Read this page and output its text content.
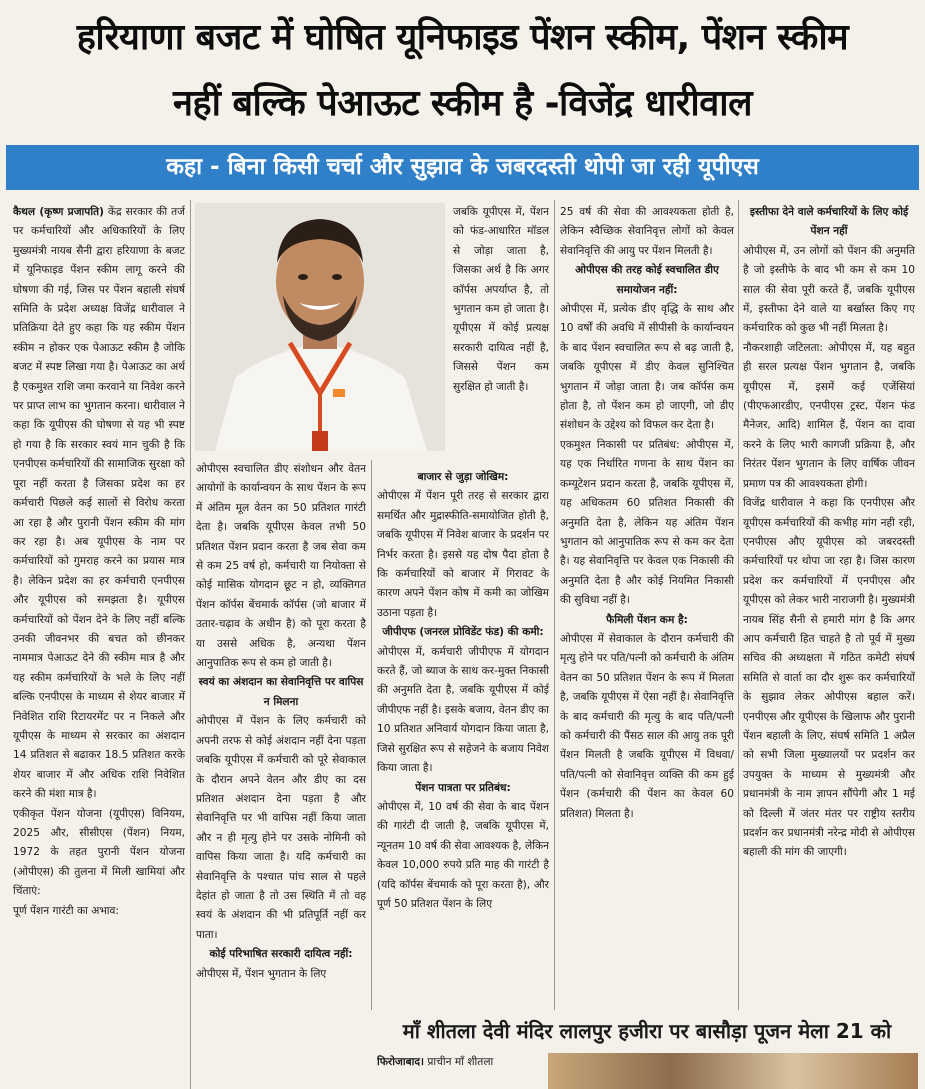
हरियाणा बजट में घोषित यूनिफाइड पेंशन स्कीम, पेंशन स्कीम
नहीं बल्कि पेआऊट स्कीम है -विजेंद्र धारीवाल
कहा - बिना किसी चर्चा और सुझाव के जबरदस्ती थोपी जा रही यूपीएस

कैथल (कृष्ण प्रजापति) केंद्र सरकार की तर्ज पर कर्मचारियों और अधिकारियों के लिए मुख्यमंत्री नायब सैनी द्वारा हरियाणा के बजट में यूनिफाइड पेंशन स्कीम लागू करने की घोषणा की गई, जिस पर पेंशन बहाली संघर्ष समिति के प्रदेश अध्यक्ष विजेंद्र धारीवाल ने प्रतिक्रिया देते हुए कहा कि यह स्कीम पेंशन स्कीम न होकर एक पेआऊट स्कीम है जोकि बजट में स्पष्ट लिखा गया है। पेआऊट का अर्थ है एकमुश्त राशि जमा करवाने या निवेश करने पर प्राप्त लाभ का भुगतान करना। धारीवाल ने कहा कि यूपीएस की घोषणा से यह भी स्पष्ट हो गया है कि सरकार स्वयं मान चुकी है कि एनपीएस कर्मचारियों की सामाजिक सुरक्षा को पूरा नहीं करता है जिसका प्रदेश का हर कर्मचारी पिछले कई सालों से विरोध करता आ रहा है और पुरानी पेंशन स्कीम की मांग कर रहा है। अब यूपीएस के नाम पर कर्मचारियों को गुमराह करने का प्रयास मात्र है। लेकिन प्रदेश का हर कर्मचारी एनपीएस और यूपीएस को समझता है। यूपीएस कर्मचारियों को पेंशन देने के लिए नहीं बल्कि उनकी जीवनभर की बचत को छीनकर नाममात्र पेआऊट देने की स्कीम मात्र है और यह स्कीम कर्मचारियों के भले के लिए नहीं बल्कि एनपीएस के माध्यम से शेयर बाजार में निवेशित राशि रिटायरमेंट पर न निकले और यूपीएस के माध्यम से सरकार का अंशदान 14 प्रतिशत से बढाकर 18.5 प्रतिशत करके शेयर बाजार में और अधिक राशि निवेशित करने की मंशा मात्र है।

एकीकृत पेंशन योजना (यूपीएस) विनियम, 2025 और, सीसीएस (पेंशन) नियम, 1972 के तहत पुरानी पेंशन योजना (ओपीएस) की तुलना में मिली खामियां और चिंताएं:

पूर्ण पेंशन गारंटी का अभाव:

ओपीएस स्वचालित डीए संशोधन और वेतन आयोगों के कार्यान्वयन के साथ पेंशन के रूप में अंतिम मूल वेतन का 50 प्रतिशत गारंटी देता है। जबकि यूपीएस केवल तभी 50 प्रतिशत पेंशन प्रदान करता है जब सेवा कम से कम 25 वर्ष हो, कर्मचारी या नियोक्ता से कोई मासिक योगदान छूट न हो, व्यक्तिगत पेंशन कॉर्पस बेंचमार्क कॉर्पस (जो बाजार में उतार-चढ़ाव के अधीन है) को पूरा करता है या उससे अधिक है, अन्यथा पेंशन आनुपातिक रूप से कम हो जाती है।

स्वयं का अंशदान का सेवानिवृत्ति पर वापिस न मिलना

ओपीएस में पेंशन के लिए कर्मचारी को अपनी तरफ से कोई अंशदान नहीं देना पड़ता जबकि यूपीएस में कर्मचारी को पूरे सेवाकाल के दौरान अपने वेतन और डीए का दस प्रतिशत अंशदान देना पड़ता है और सेवानिवृत्ति पर भी वापिस नहीं किया जाता और न ही मृत्यु होने पर उसके नोमिनी को वापिस किया जाता है। यदि कर्मचारी का सेवानिवृत्ति के पश्चात पांच साल से पहले देहांत हो जाता है तो उस स्थिति में तो वह स्वयं के अंशदान की भी प्रतिपूर्ति नहीं कर पाता।

कोई परिभाषित सरकारी दायित्व नहीं:

ओपीएस में, पेंशन भुगतान के लिए

जबकि यूपीएस में, पेंशन को फंड-आधारित मॉडल से जोड़ा जाता है, जिसका अर्थ है कि अगर कॉर्पस अपर्याप्त है, तो भुगतान कम हो जाता है। यूपीएस में कोई प्रत्यक्ष सरकारी दायित्व नहीं है, जिससे पेंशन कम सुरक्षित हो जाती है।

बाजार से जुड़ा जोखिम:

ओपीएस में पेंशन पूरी तरह से सरकार द्वारा समर्थित और मुद्रास्फीति-समायोजित होती है, जबकि यूपीएस में निवेश बाजार के प्रदर्शन पर निर्भर करता है। इससे यह दोष पैदा होता है कि कर्मचारियों को बाजार में गिरावट के कारण अपने पेंशन कोष में कमी का जोखिम उठाना पड़ता है।

जीपीएफ (जनरल प्रोविडेंट फंड) की कमी:

ओपीएस में, कर्मचारी जीपीएफ में योगदान करते हैं, जो ब्याज के साथ कर-मुक्त निकासी की अनुमति देता है, जबकि यूपीएस में कोई जीपीएफ नहीं है। इसके बजाय, वेतन डीए का 10 प्रतिशत अनिवार्य योगदान किया जाता है, जिसे सुरक्षित रूप से सहेजने के बजाय निवेश किया जाता है।

पेंशन पात्रता पर प्रतिबंध:

ओपीएस में, 10 वर्ष की सेवा के बाद पेंशन की गारंटी दी जाती है, जबकि यूपीएस में, न्यूनतम 10 वर्ष की सेवा आवश्यक है, लेकिन केवल 10,000 रुपये प्रति माह की गारंटी है (यदि कॉर्पस बेंचमार्क को पूरा करता है), और पूर्ण 50 प्रतिशत पेंशन के लिए

25 वर्ष की सेवा की आवश्यकता होती है, लेकिन स्वैच्छिक सेवानिवृत्त लोगों को केवल सेवानिवृत्ति की आयु पर पेंशन मिलती है।

ओपीएस की तरह कोई स्वचालित डीए समायोजन नहीं:

ओपीएस में, प्रत्येक डीए वृद्धि के साथ और 10 वर्षों की अवधि में सीपीसी के कार्यान्वयन के बाद पेंशन स्वचालित रूप से बढ़ जाती है, जबकि यूपीएस में डीए केवल सुनिश्चित भुगतान में जोड़ा जाता है। जब कॉर्पस कम होता है, तो पेंशन कम हो जाएगी, जो डीए संशोधन के उद्देश्य को विफल कर देता है।

एकमुश्त निकासी पर प्रतिबंध: ओपीएस में, यह एक निर्धारित गणना के साथ पेंशन का कम्यूटेशन प्रदान करता है, जबकि यूपीएस में, यह अधिकतम 60 प्रतिशत निकासी की अनुमति देता है, लेकिन यह अंतिम पेंशन भुगतान को आनुपातिक रूप से कम कर देता है। यह सेवानिवृत्ति पर केवल एक निकासी की अनुमति देता है और कोई नियमित निकासी की सुविधा नहीं है।

फैमिली पेंशन कम है:

ओपीएस में सेवाकाल के दौरान कर्मचारी की मृत्यु होने पर पति/पत्नी को कर्मचारी के अंतिम वेतन का 50 प्रतिशत पेंशन के रूप में मिलता है, जबकि यूपीएस में ऐसा नहीं है। सेवानिवृत्ति के बाद कर्मचारी की मृत्यु के बाद पति/पत्नी को कर्मचारी की पैंसठ साल की आयु तक पूरी पेंशन मिलती है जबकि यूपीएस में विधवा/पति/पत्नी को सेवानिवृत्त व्यक्ति की कम हुई पेंशन (कर्मचारी की पेंशन का केवल 60 प्रतिशत) मिलता है।

इस्तीफा देने वाले कर्मचारियों के लिए कोई पेंशन नहीं

ओपीएस में, उन लोगों को पेंशन की अनुमति है जो इस्तीफे के बाद भी कम से कम 10 साल की सेवा पूरी करते हैं, जबकि यूपीएस में, इस्तीफा देने वाले या बर्खास्त किए गए कर्मचारिक को कुछ भी नहीं मिलता है।

नौकरशाही जटिलता: ओपीएस में, यह बहुत ही सरल प्रत्यक्ष पेंशन भुगतान है, जबकि यूपीएस में, इसमें कई एजेंसियां (पीएफआरडीए, एनपीएस ट्रस्ट, पेंशन फंड मैनेजर, आदि) शामिल हैं, पेंशन का दावा करने के लिए भारी कागजी प्रक्रिया है, और निरंतर पेंशन भुगतान के लिए वार्षिक जीवन प्रमाण पत्र की आवश्यकता होगी।

विजेंद्र धारीवाल ने कहा कि एनपीएस और यूपीएस कर्मचारियों की कभीह मांग नही रही, एनपीएस औए यूपीएस को जबरदस्ती कर्मचारियों पर थोपा जा रहा है। जिस कारण प्रदेश कर कर्मचारियों में एनपीएस और यूपीएस को लेकर भारी नाराजगी है। मुख्यमंत्री नायब सिंह सैनी से हमारी मांग है कि अगर आप कर्मचारी हित चाहते है तो पूर्व में मुख्य सचिव की अध्यक्षता में गठित कमेटी संघर्ष समिति से वार्ता का दौर शुरू कर कर्मचारियों के सुझाव लेकर ओपीएस बहाल करें। एनपीएस और यूपीएस के खिलाफ और पुरानी पेंशन बहाली के लिए, संघर्ष समिति 1 अप्रैल को सभी जिला मुख्यालयों पर प्रदर्शन कर उपयुक्त के माध्यम से मुख्यमंत्री और प्रधानमंत्री के नाम ज्ञापन सौंपेगी और 1 मई को दिल्ली में जंतर मंतर पर राष्ट्रीय स्तरीय प्रदर्शन कर प्रधानमंत्री नरेन्द्र मोदी से ओपीएस बहाली की मांग की जाएगी।

माँ शीतला देवी मंदिर लालपुर हजीरा पर बासौड़ा पूजन मेला 21 को
फिरोजाबाद। प्राचीन माँ शीतला
